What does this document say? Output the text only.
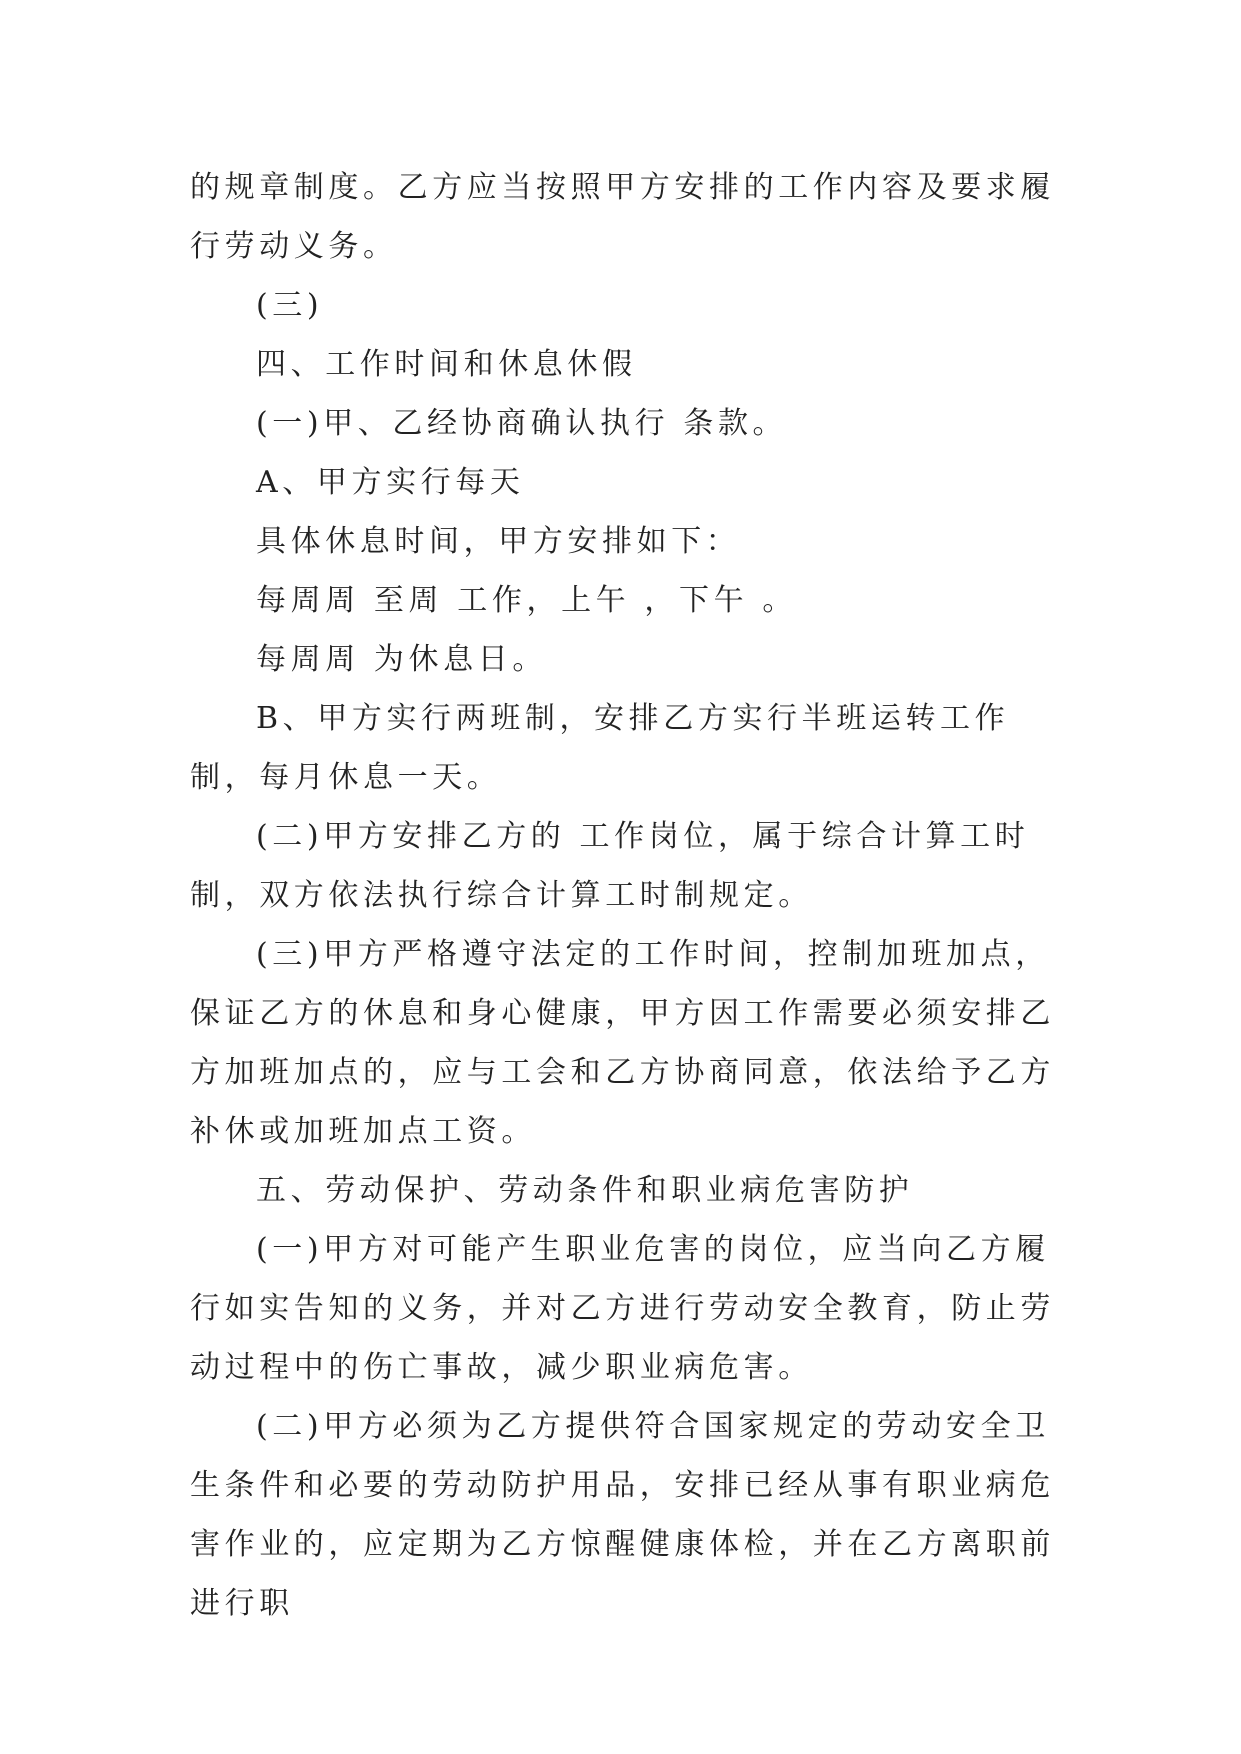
的规章制度。乙方应当按照甲方安排的工作内容及要求履行劳动义务。

(三)

四、工作时间和休息休假

(一)甲、乙经协商确认执行 条款。

A、甲方实行每天

具体休息时间，甲方安排如下：

每周周 至周 工作，上午 ，下午 。

每周周 为休息日。

B、甲方实行两班制，安排乙方实行半班运转工作制，每月休息一天。

(二)甲方安排乙方的 工作岗位，属于综合计算工时制，双方依法执行综合计算工时制规定。

(三)甲方严格遵守法定的工作时间，控制加班加点，保证乙方的休息和身心健康，甲方因工作需要必须安排乙方加班加点的，应与工会和乙方协商同意，依法给予乙方补休或加班加点工资。

五、劳动保护、劳动条件和职业病危害防护

(一)甲方对可能产生职业危害的岗位，应当向乙方履行如实告知的义务，并对乙方进行劳动安全教育，防止劳动过程中的伤亡事故，减少职业病危害。

(二)甲方必须为乙方提供符合国家规定的劳动安全卫生条件和必要的劳动防护用品，安排已经从事有职业病危害作业的，应定期为乙方惊醒健康体检，并在乙方离职前进行职
